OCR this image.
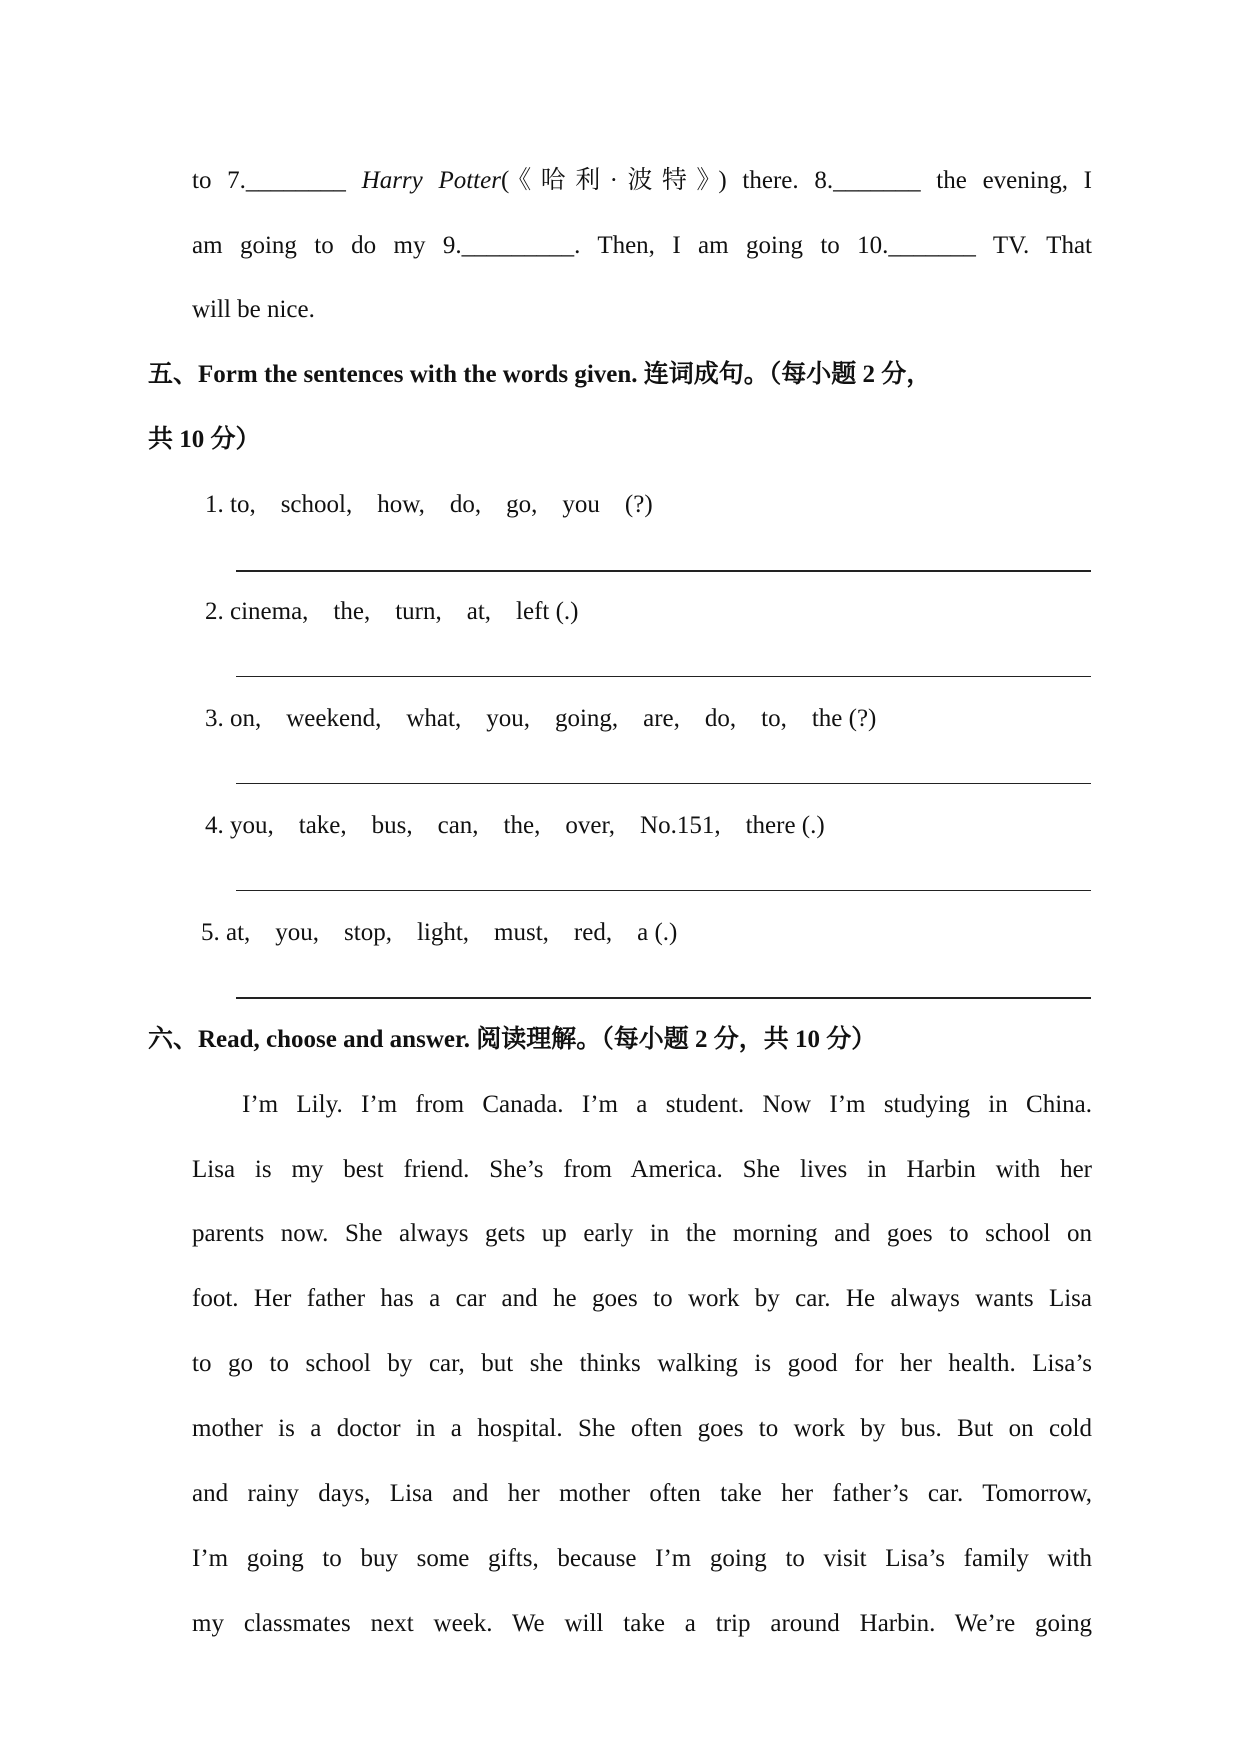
to 7.________ Harry Potter(《哈利·波特》) there. 8._______ the evening, I
am going to do my 9._________. Then, I am going to 10._______ TV. That
will be nice.
五、Form the sentences with the words given. 连词成句。（每小题 2 分，
共 10 分）
1. to,    school,    how,    do,    go,    you    (?)
2. cinema,    the,    turn,    at,    left (.)
3. on,    weekend,    what,    you,    going,    are,    do,    to,    the (?)
4. you,    take,    bus,    can,    the,    over,    No.151,    there (.)
5. at,    you,    stop,    light,    must,    red,    a (.)
六、Read, choose and answer. 阅读理解。（每小题 2 分，共 10 分）
I’m Lily. I’m from Canada. I’m a student. Now I’m studying in China.
Lisa is my best friend. She’s from America. She lives in Harbin with her
parents now. She always gets up early in the morning and goes to school on
foot. Her father has a car and he goes to work by car. He always wants Lisa
to go to school by car, but she thinks walking is good for her health. Lisa’s
mother is a doctor in a hospital. She often goes to work by bus. But on cold
and rainy days, Lisa and her mother often take her father’s car. Tomorrow,
I’m going to buy some gifts, because I’m going to visit Lisa’s family with
my classmates next week. We will take a trip around Harbin. We’re going
